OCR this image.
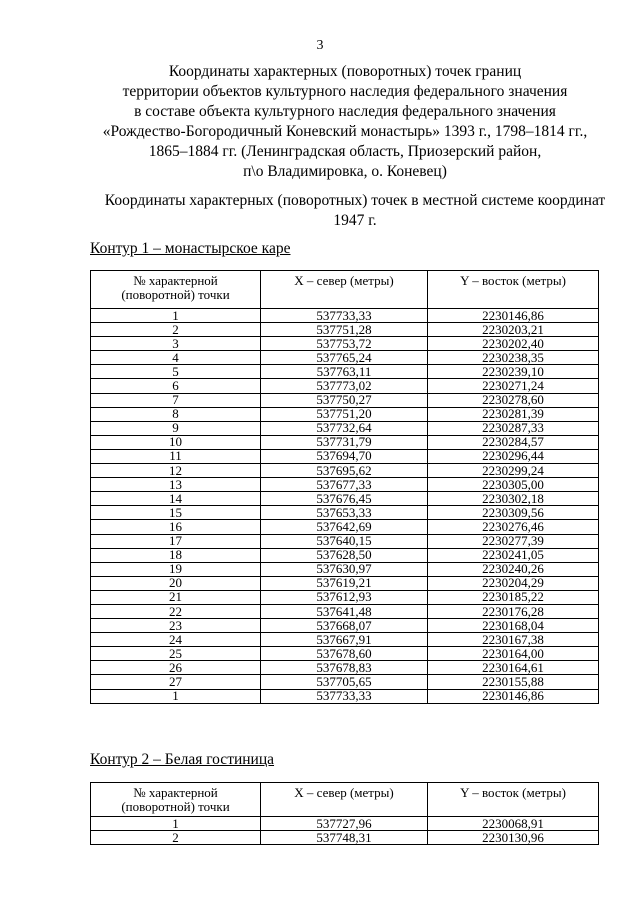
3
Координаты характерных (поворотных) точек границ
территории объектов культурного наследия федерального значения
в составе объекта культурного наследия федерального значения
«Рождество-Богородичный Коневский монастырь» 1393 г., 1798–1814 гг.,
1865–1884 гг. (Ленинградская область, Приозерский район,
п\о Владимировка, о. Коневец)
Координаты характерных (поворотных) точек в местной системе координат
1947 г.
Контур 1 – монастырское каре
№ характерной
(поворотной) точки	X – север (метры)	Y – восток (метры)
1	537733,33	2230146,86
2	537751,28	2230203,21
3	537753,72	2230202,40
4	537765,24	2230238,35
5	537763,11	2230239,10
6	537773,02	2230271,24
7	537750,27	2230278,60
8	537751,20	2230281,39
9	537732,64	2230287,33
10	537731,79	2230284,57
11	537694,70	2230296,44
12	537695,62	2230299,24
13	537677,33	2230305,00
14	537676,45	2230302,18
15	537653,33	2230309,56
16	537642,69	2230276,46
17	537640,15	2230277,39
18	537628,50	2230241,05
19	537630,97	2230240,26
20	537619,21	2230204,29
21	537612,93	2230185,22
22	537641,48	2230176,28
23	537668,07	2230168,04
24	537667,91	2230167,38
25	537678,60	2230164,00
26	537678,83	2230164,61
27	537705,65	2230155,88
1	537733,33	2230146,86
Контур 2 – Белая гостиница
№ характерной
(поворотной) точки	X – север (метры)	Y – восток (метры)
1	537727,96	2230068,91
2	537748,31	2230130,96
